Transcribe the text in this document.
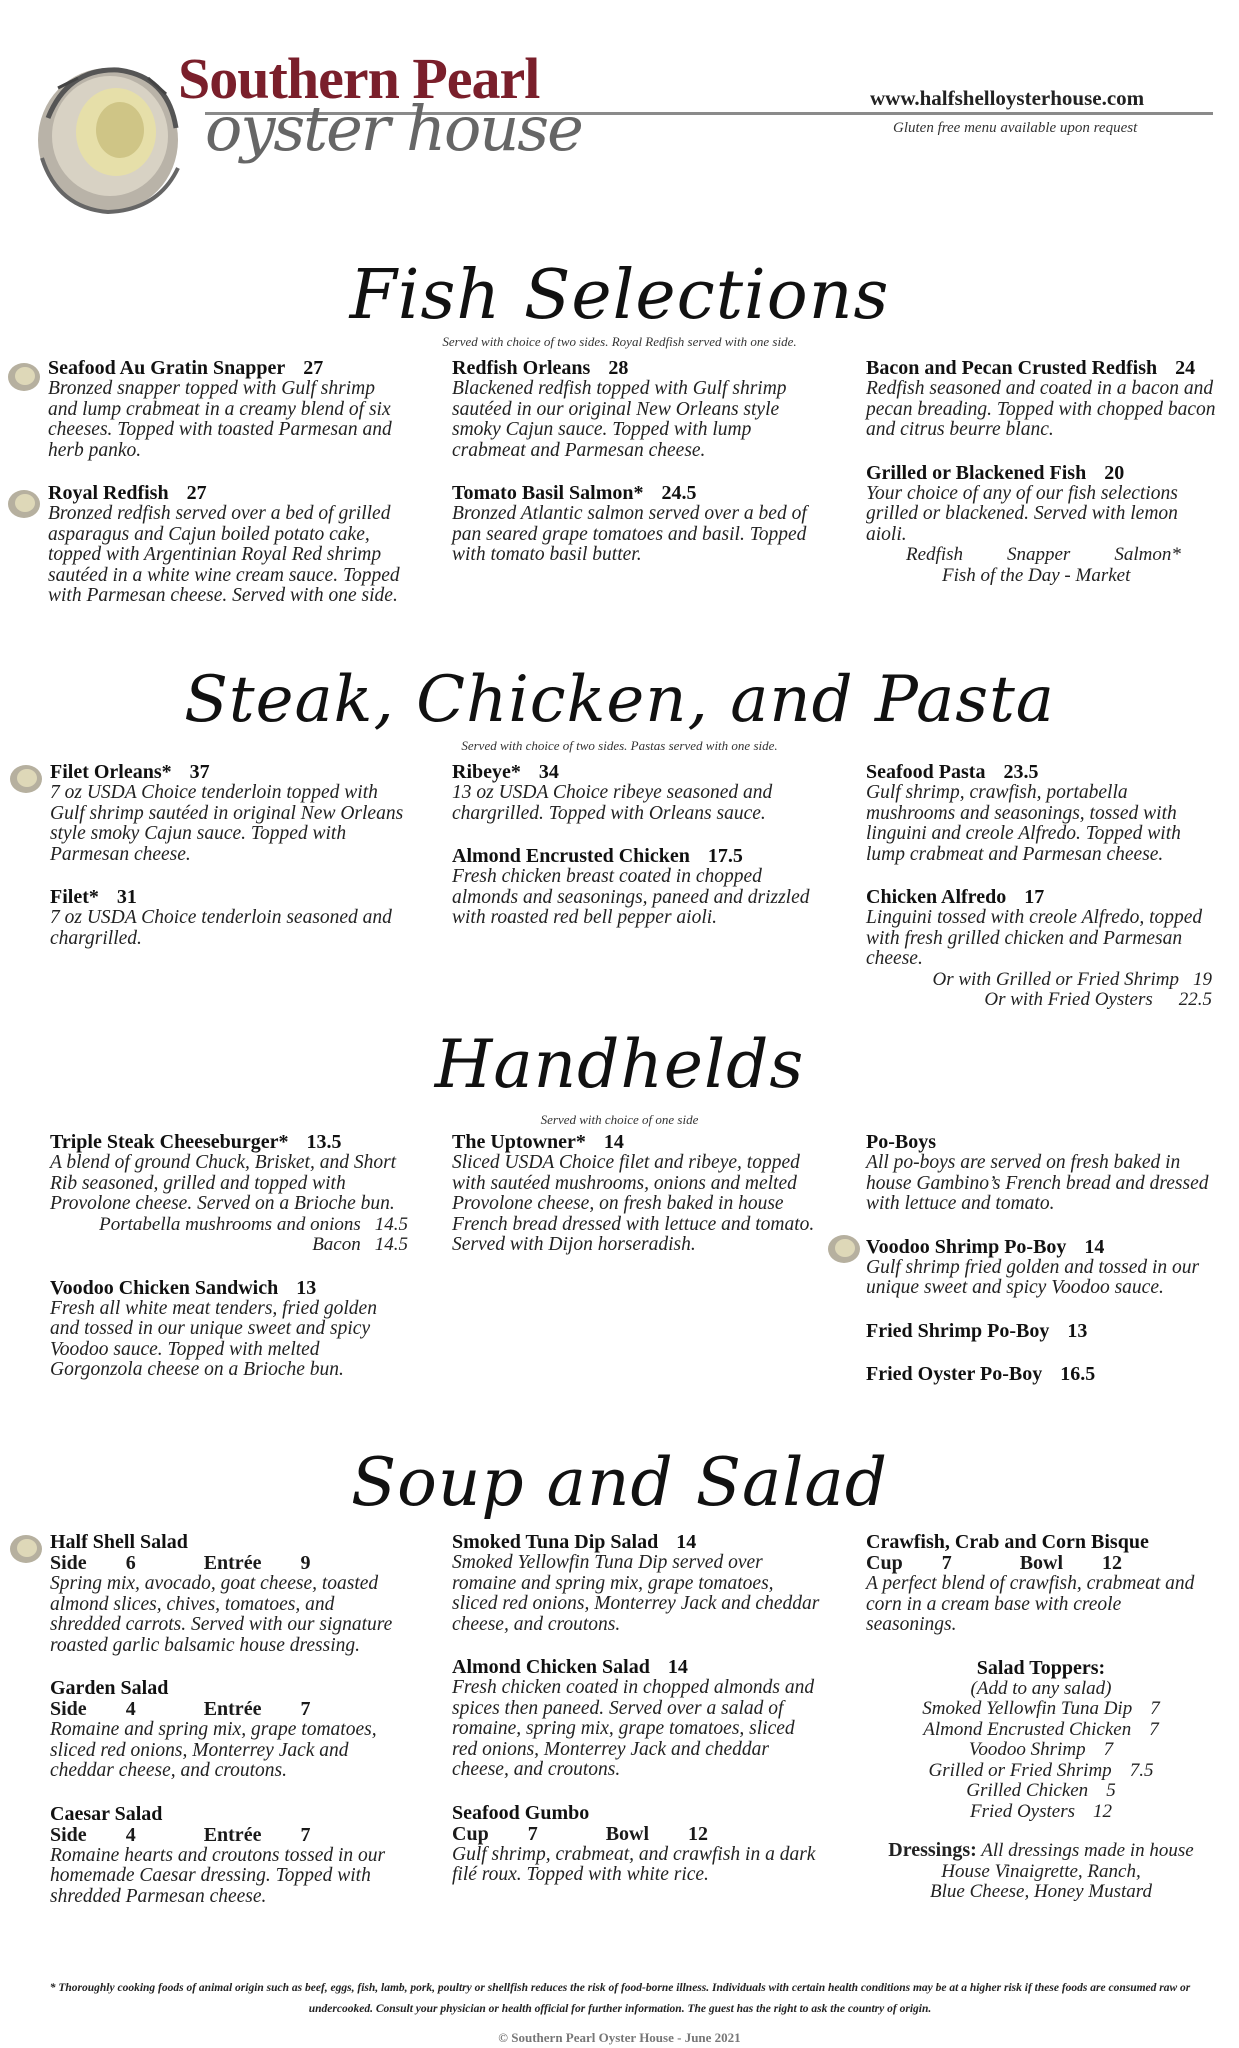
Southern Pearl
oyster house	www.halfshelloysterhouse.com
Gluten free menu available upon request
Fish Selections
Served with choice of two sides. Royal Redfish served with one side.
Seafood Au Gratin Snapper 27
Bronzed snapper topped with Gulf shrimp and lump crabmeat in a creamy blend of six cheeses. Topped with toasted Parmesan and herb panko.
Royal Redfish 27
Bronzed redfish served over a bed of grilled asparagus and Cajun boiled potato cake, topped with Argentinian Royal Red shrimp sautéed in a white wine cream sauce. Topped with Parmesan cheese. Served with one side.
Redfish Orleans 28
Blackened redfish topped with Gulf shrimp sautéed in our original New Orleans style smoky Cajun sauce. Topped with lump crabmeat and Parmesan cheese.
Tomato Basil Salmon* 24.5
Bronzed Atlantic salmon served over a bed of pan seared grape tomatoes and basil. Topped with tomato basil butter.
Bacon and Pecan Crusted Redfish 24
Redfish seasoned and coated in a bacon and pecan breading. Topped with chopped bacon and citrus beurre blanc.
Grilled or Blackened Fish 20
Your choice of any of our fish selections grilled or blackened. Served with lemon aioli.
Redfish Snapper Salmon*
Fish of the Day - Market
Steak, Chicken, and Pasta
Served with choice of two sides. Pastas served with one side.
Filet Orleans* 37
7 oz USDA Choice tenderloin topped with Gulf shrimp sautéed in original New Orleans style smoky Cajun sauce. Topped with Parmesan cheese.
Filet* 31
7 oz USDA Choice tenderloin seasoned and chargrilled.
Ribeye* 34
13 oz USDA Choice ribeye seasoned and chargrilled. Topped with Orleans sauce.
Almond Encrusted Chicken 17.5
Fresh chicken breast coated in chopped almonds and seasonings, paneed and drizzled with roasted red bell pepper aioli.
Seafood Pasta 23.5
Gulf shrimp, crawfish, portabella mushrooms and seasonings, tossed with linguini and creole Alfredo. Topped with lump crabmeat and Parmesan cheese.
Chicken Alfredo 17
Linguini tossed with creole Alfredo, topped with fresh grilled chicken and Parmesan cheese.
Or with Grilled or Fried Shrimp 19
Or with Fried Oysters 22.5
Handhelds
Served with choice of one side
Triple Steak Cheeseburger* 13.5
A blend of ground Chuck, Brisket, and Short Rib seasoned, grilled and topped with Provolone cheese. Served on a Brioche bun.
Portabella mushrooms and onions 14.5
Bacon 14.5
Voodoo Chicken Sandwich 13
Fresh all white meat tenders, fried golden and tossed in our unique sweet and spicy Voodoo sauce. Topped with melted Gorgonzola cheese on a Brioche bun.
The Uptowner* 14
Sliced USDA Choice filet and ribeye, topped with sautéed mushrooms, onions and melted Provolone cheese, on fresh baked in house French bread dressed with lettuce and tomato. Served with Dijon horseradish.
Po-Boys
All po-boys are served on fresh baked in house Gambino’s French bread and dressed with lettuce and tomato.
Voodoo Shrimp Po-Boy 14
Gulf shrimp fried golden and tossed in our unique sweet and spicy Voodoo sauce.
Fried Shrimp Po-Boy 13
Fried Oyster Po-Boy 16.5
Soup and Salad
Half Shell Salad
Side 6	Entrée 9
Spring mix, avocado, goat cheese, toasted almond slices, chives, tomatoes, and shredded carrots. Served with our signature roasted garlic balsamic house dressing.
Garden Salad
Side 4	Entrée 7
Romaine and spring mix, grape tomatoes, sliced red onions, Monterrey Jack and cheddar cheese, and croutons.
Caesar Salad
Side 4	Entrée 7
Romaine hearts and croutons tossed in our homemade Caesar dressing. Topped with shredded Parmesan cheese.
Smoked Tuna Dip Salad 14
Smoked Yellowfin Tuna Dip served over romaine and spring mix, grape tomatoes, sliced red onions, Monterrey Jack and cheddar cheese, and croutons.
Almond Chicken Salad 14
Fresh chicken coated in chopped almonds and spices then paneed. Served over a salad of romaine, spring mix, grape tomatoes, sliced red onions, Monterrey Jack and cheddar cheese, and croutons.
Seafood Gumbo
Cup 7	Bowl 12
Gulf shrimp, crabmeat, and crawfish in a dark filé roux. Topped with white rice.
Crawfish, Crab and Corn Bisque
Cup 7	Bowl 12
A perfect blend of crawfish, crabmeat and corn in a cream base with creole seasonings.
Salad Toppers:
(Add to any salad)
Smoked Yellowfin Tuna Dip 7
Almond Encrusted Chicken 7
Voodoo Shrimp 7
Grilled or Fried Shrimp 7.5
Grilled Chicken 5
Fried Oysters 12
Dressings: All dressings made in house
House Vinaigrette, Ranch,
Blue Cheese, Honey Mustard
* Thoroughly cooking foods of animal origin such as beef, eggs, fish, lamb, pork, poultry or shellfish reduces the risk of food-borne illness. Individuals with certain health conditions may be at a higher risk if these foods are consumed raw or undercooked. Consult your physician or health official for further information. The guest has the right to ask the country of origin.
© Southern Pearl Oyster House - June 2021
